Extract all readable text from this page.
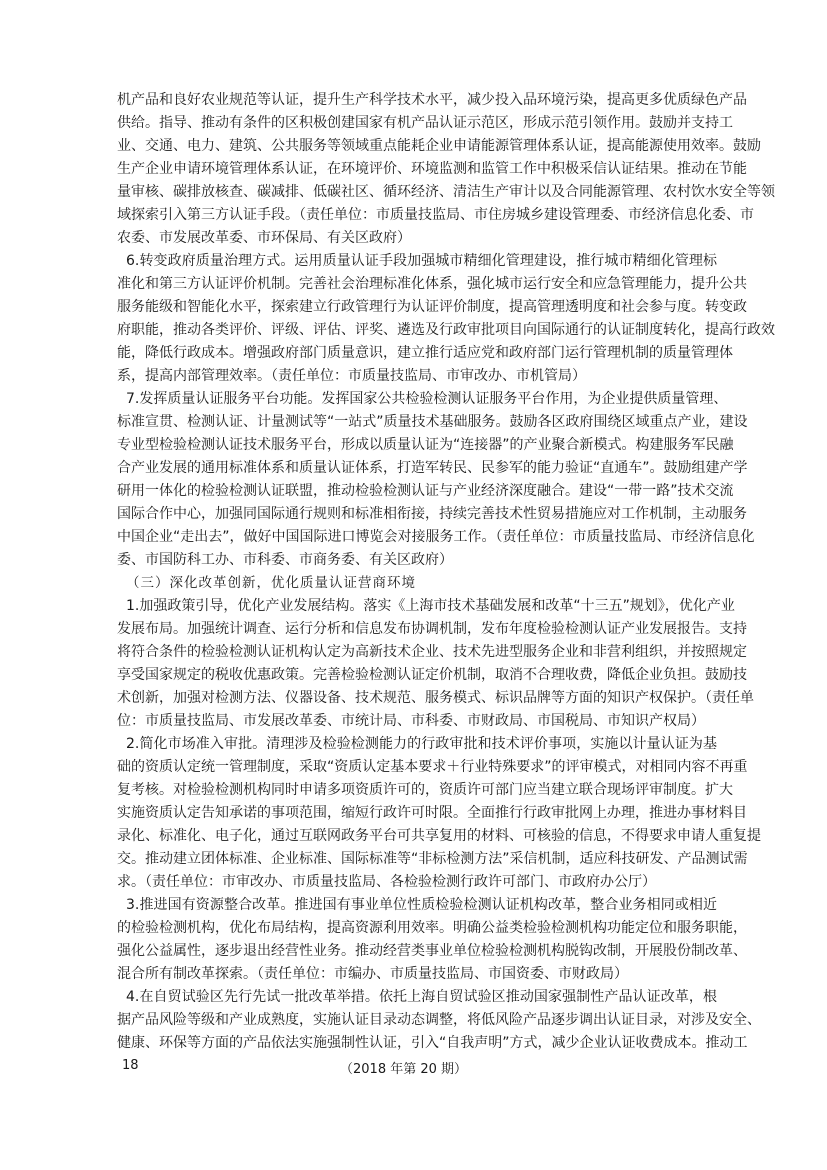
机产品和良好农业规范等认证，提升生产科学技术水平，减少投入品环境污染，提高更多优质绿色产品
供给。指导、推动有条件的区积极创建国家有机产品认证示范区，形成示范引领作用。鼓励并支持工
业、交通、电力、建筑、公共服务等领域重点能耗企业申请能源管理体系认证，提高能源使用效率。鼓励
生产企业申请环境管理体系认证，在环境评价、环境监测和监管工作中积极采信认证结果。推动在节能
量审核、碳排放核查、碳减排、低碳社区、循环经济、清洁生产审计以及合同能源管理、农村饮水安全等领
域探索引入第三方认证手段。（责任单位：市质量技监局、市住房城乡建设管理委、市经济信息化委、市
农委、市发展改革委、市环保局、有关区政府）
6.转变政府质量治理方式。运用质量认证手段加强城市精细化管理建设，推行城市精细化管理标
准化和第三方认证评价机制。完善社会治理标准化体系，强化城市运行安全和应急管理能力，提升公共
服务能级和智能化水平，探索建立行政管理行为认证评价制度，提高管理透明度和社会参与度。转变政
府职能，推动各类评价、评级、评估、评奖、遴选及行政审批项目向国际通行的认证制度转化，提高行政效
能，降低行政成本。增强政府部门质量意识，建立推行适应党和政府部门运行管理机制的质量管理体
系，提高内部管理效率。（责任单位：市质量技监局、市审改办、市机管局）
7.发挥质量认证服务平台功能。发挥国家公共检验检测认证服务平台作用，为企业提供质量管理、
标准宣贯、检测认证、计量测试等“一站式”质量技术基础服务。鼓励各区政府围绕区域重点产业，建设
专业型检验检测认证技术服务平台，形成以质量认证为“连接器”的产业聚合新模式。构建服务军民融
合产业发展的通用标准体系和质量认证体系，打造军转民、民参军的能力验证“直通车”。鼓励组建产学
研用一体化的检验检测认证联盟，推动检验检测认证与产业经济深度融合。建设“一带一路”技术交流
国际合作中心，加强同国际通行规则和标准相衔接，持续完善技术性贸易措施应对工作机制，主动服务
中国企业“走出去”，做好中国国际进口博览会对接服务工作。（责任单位：市质量技监局、市经济信息化
委、市国防科工办、市科委、市商务委、有关区政府）
（三）深化改革创新，优化质量认证营商环境
1.加强政策引导，优化产业发展结构。落实《上海市技术基础发展和改革“十三五”规划》，优化产业
发展布局。加强统计调查、运行分析和信息发布协调机制，发布年度检验检测认证产业发展报告。支持
将符合条件的检验检测认证机构认定为高新技术企业、技术先进型服务企业和非营利组织，并按照规定
享受国家规定的税收优惠政策。完善检验检测认证定价机制，取消不合理收费，降低企业负担。鼓励技
术创新，加强对检测方法、仪器设备、技术规范、服务模式、标识品牌等方面的知识产权保护。（责任单
位：市质量技监局、市发展改革委、市统计局、市科委、市财政局、市国税局、市知识产权局）
2.简化市场准入审批。清理涉及检验检测能力的行政审批和技术评价事项，实施以计量认证为基
础的资质认定统一管理制度，采取“资质认定基本要求＋行业特殊要求”的评审模式，对相同内容不再重
复考核。对检验检测机构同时申请多项资质许可的，资质许可部门应当建立联合现场评审制度。扩大
实施资质认定告知承诺的事项范围，缩短行政许可时限。全面推行行政审批网上办理，推进办事材料目
录化、标准化、电子化，通过互联网政务平台可共享复用的材料、可核验的信息，不得要求申请人重复提
交。推动建立团体标准、企业标准、国际标准等“非标检测方法”采信机制，适应科技研发、产品测试需
求。（责任单位：市审改办、市质量技监局、各检验检测行政许可部门、市政府办公厅）
3.推进国有资源整合改革。推进国有事业单位性质检验检测认证机构改革，整合业务相同或相近
的检验检测机构，优化布局结构，提高资源利用效率。明确公益类检验检测机构功能定位和服务职能，
强化公益属性，逐步退出经营性业务。推动经营类事业单位检验检测机构脱钩改制，开展股份制改革、
混合所有制改革探索。（责任单位：市编办、市质量技监局、市国资委、市财政局）
4.在自贸试验区先行先试一批改革举措。依托上海自贸试验区推动国家强制性产品认证改革，根
据产品风险等级和产业成熟度，实施认证目录动态调整，将低风险产品逐步调出认证目录，对涉及安全、
健康、环保等方面的产品依法实施强制性认证，引入“自我声明”方式，减少企业认证收费成本。推动工
18	（2018 年第 20 期）
